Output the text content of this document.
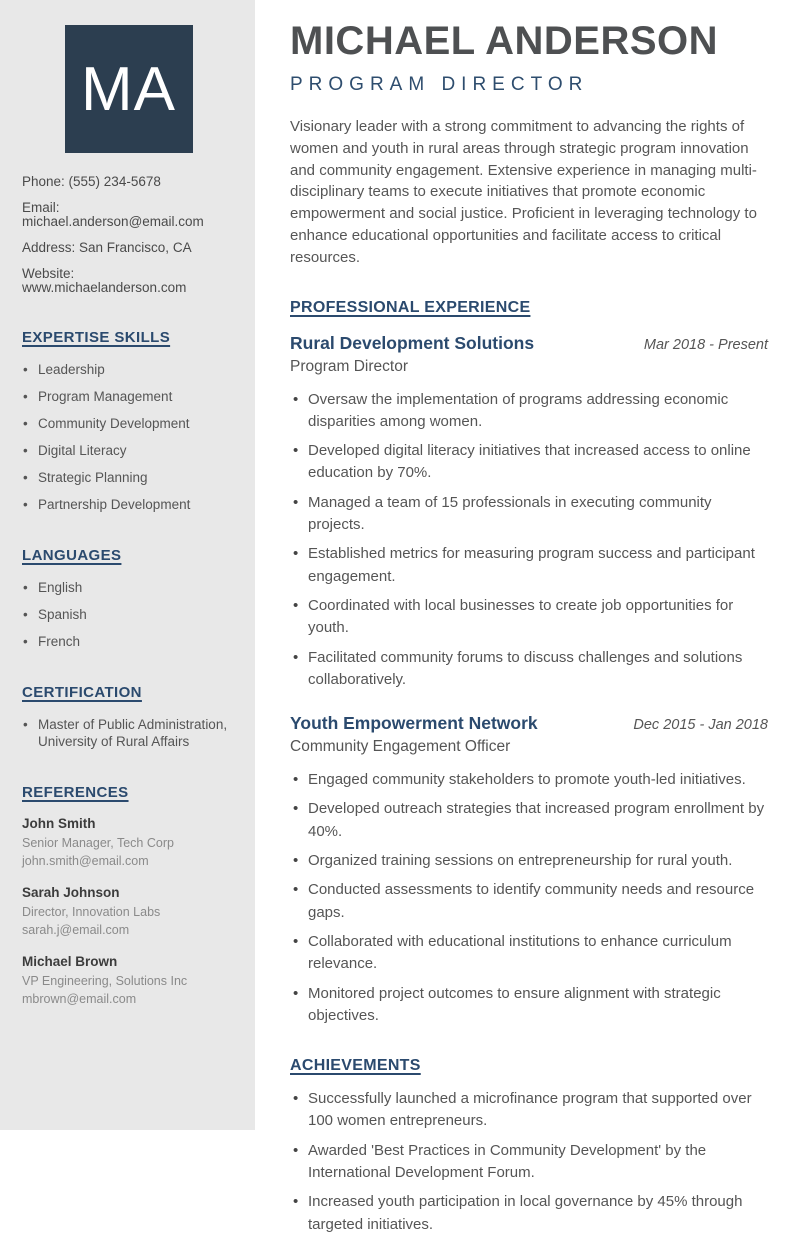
MA

Phone: (555) 234-5678

Email: michael.anderson@email.com

Address: San Francisco, CA

Website: www.michaelanderson.com

EXPERTISE SKILLS
• Leadership
• Program Management
• Community Development
• Digital Literacy
• Strategic Planning
• Partnership Development
LANGUAGES
• English
• Spanish
• French
CERTIFICATION
• Master of Public Administration, University of Rural Affairs
REFERENCES

John Smith

Senior Manager, Tech Corp

john.smith@email.com

Sarah Johnson

Director, Innovation Labs

sarah.j@email.com

Michael Brown

VP Engineering, Solutions Inc

mbrown@email.com

MICHAEL ANDERSON
PROGRAM DIRECTOR

Visionary leader with a strong commitment to advancing the rights of women and youth in rural areas through strategic program innovation and community engagement. Extensive experience in managing multi-disciplinary teams to execute initiatives that promote economic empowerment and social justice. Proficient in leveraging technology to enhance educational opportunities and facilitate access to critical resources.

PROFESSIONAL EXPERIENCE
Rural Development Solutions	Mar 2018 - Present

Program Director

• Oversaw the implementation of programs addressing economic disparities among women.
• Developed digital literacy initiatives that increased access to online education by 70%.
• Managed a team of 15 professionals in executing community projects.
• Established metrics for measuring program success and participant engagement.
• Coordinated with local businesses to create job opportunities for youth.
• Facilitated community forums to discuss challenges and solutions collaboratively.
Youth Empowerment Network	Dec 2015 - Jan 2018

Community Engagement Officer

• Engaged community stakeholders to promote youth-led initiatives.
• Developed outreach strategies that increased program enrollment by 40%.
• Organized training sessions on entrepreneurship for rural youth.
• Conducted assessments to identify community needs and resource gaps.
• Collaborated with educational institutions to enhance curriculum relevance.
• Monitored project outcomes to ensure alignment with strategic objectives.
ACHIEVEMENTS
• Successfully launched a microfinance program that supported over 100 women entrepreneurs.
• Awarded 'Best Practices in Community Development' by the International Development Forum.
• Increased youth participation in local governance by 45% through targeted initiatives.
